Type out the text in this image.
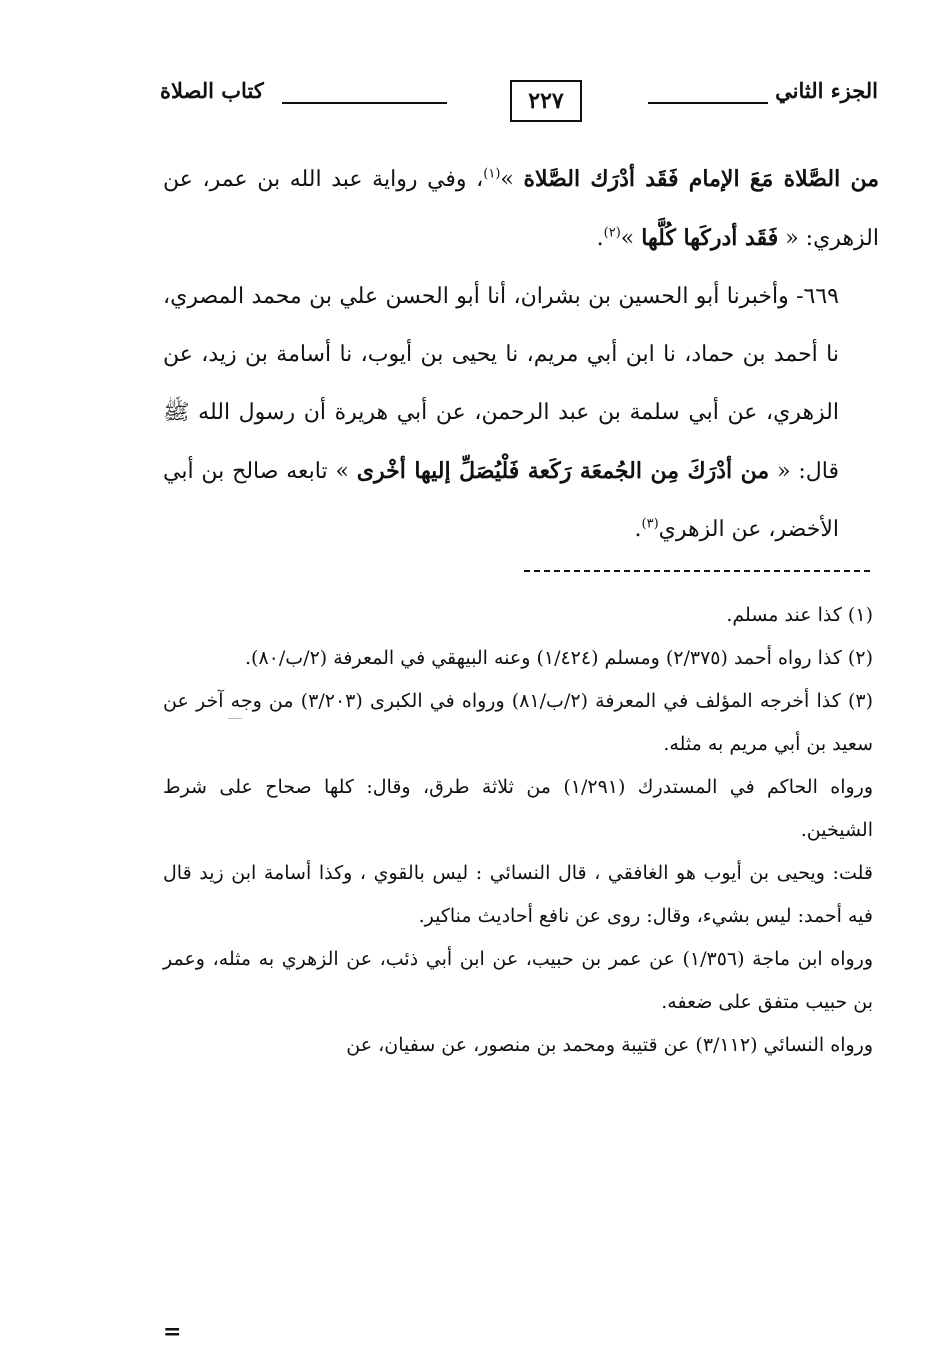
الجزء الثاني
٢٢٧
كتاب الصلاة

من الصَّلاة مَعَ الإمام فَقَد أدْرَك الصَّلاة »$^{(١)}$، وفي رواية عبد الله بن عمر، عن الزهري: « فَقَد أدركَها كُلَّها »$^{(٢)}$.

٦٦٩- وأخبرنا أبو الحسين بن بشران، أنا أبو الحسن علي بن محمد المصري، نا أحمد بن حماد، نا ابن أبي مريم، نا يحيى بن أيوب، نا أسامة بن زيد، عن الزهري، عن أبي سلمة بن عبد الرحمن، عن أبي هريرة أن رسول الله ﷺ قال: « من أدْرَكَ مِن الجُمعَة رَكَعة فَلْيُصَلِّ إليها أخْرى » تابعه صالح بن أبي الأخضر، عن الزهري$^{(٣)}$.

(١) كذا عند مسلم.

(٢) كذا رواه أحمد (٢/٣٧٥) ومسلم (١/٤٢٤) وعنه البيهقي في المعرفة (٢/ب/٨٠).

(٣) كذا أخرجه المؤلف في المعرفة (٢/ب/٨١) ورواه في الكبرى (٣/٢٠٣) من وجه آخر عن سعيد بن أبي مريم به مثله.

ورواه الحاكم في المستدرك (١/٢٩١) من ثلاثة طرق، وقال: كلها صحاح على شرط الشيخين.

قلت: ويحيى بن أيوب هو الغافقي ، قال النسائي : ليس بالقوي ، وكذا أسامة ابن زيد قال فيه أحمد: ليس بشيء، وقال: روى عن نافع أحاديث مناكير.

ورواه ابن ماجة (١/٣٥٦) عن عمر بن حبيب، عن ابن أبي ذئب، عن الزهري به مثله، وعمر بن حبيب متفق على ضعفه.

ورواه النسائي (٣/١١٢) عن قتيبة ومحمد بن منصور، عن سفيان، عن

=
